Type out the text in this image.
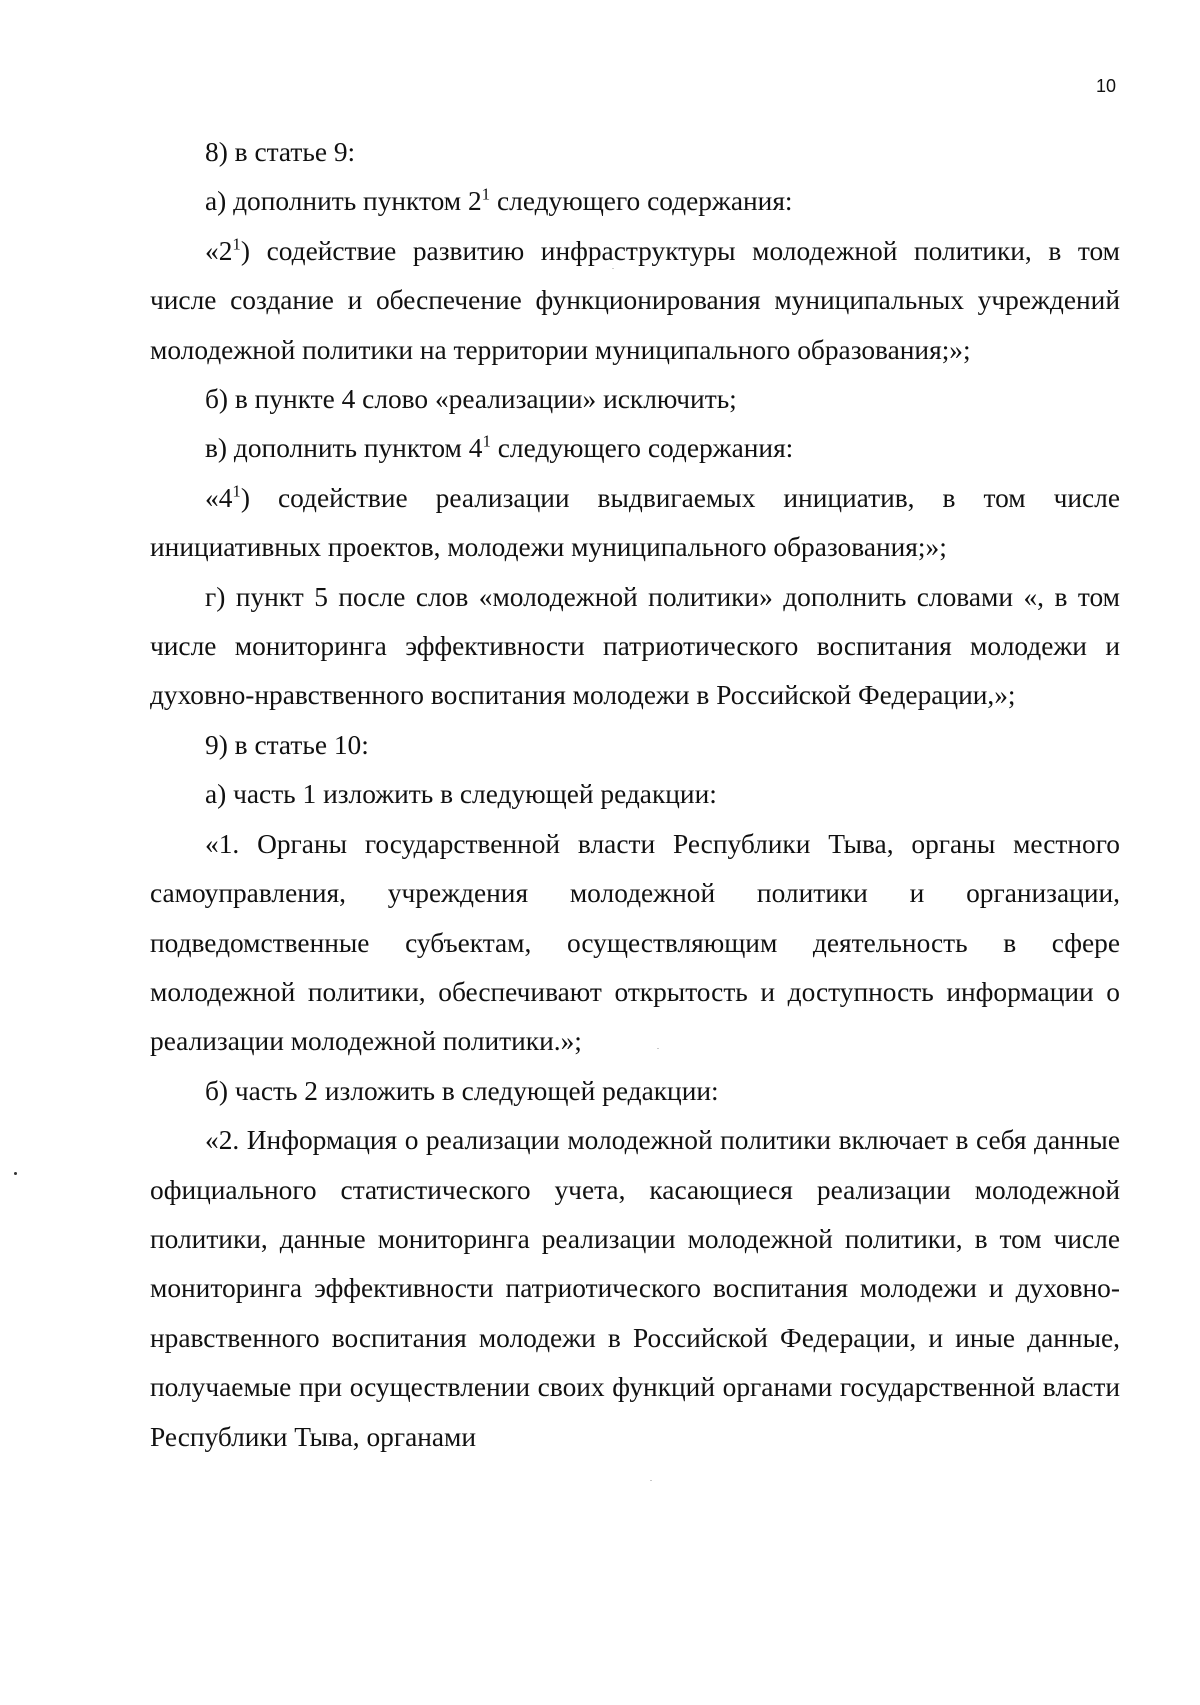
10

8) в статье 9:

а) дополнить пунктом $2^1$ следующего содержания:

«$2^1$) содействие развитию инфраструктуры молодежной политики, в том числе создание и обеспечение функционирования муниципальных учреждений молодежной политики на территории муниципального образования;»;

б) в пункте 4 слово «реализации» исключить;

в) дополнить пунктом $4^1$ следующего содержания:

«$4^1$) содействие реализации выдвигаемых инициатив, в том числе инициативных проектов, молодежи муниципального образования;»;

г) пункт 5 после слов «молодежной политики» дополнить словами «, в том числе мониторинга эффективности патриотического воспитания молодежи и духовно-нравственного воспитания молодежи в Российской Федерации,»;

9) в статье 10:

а) часть 1 изложить в следующей редакции:

«1. Органы государственной власти Республики Тыва, органы местного самоуправления, учреждения молодежной политики и организации, подведомственные субъектам, осуществляющим деятельность в сфере молодежной политики, обеспечивают открытость и доступность информации о реализации молодежной политики.»;

б) часть 2 изложить в следующей редакции:

«2. Информация о реализации молодежной политики включает в себя данные официального статистического учета, касающиеся реализации молодежной политики, данные мониторинга реализации молодежной политики, в том числе мониторинга эффективности патриотического воспитания молодежи и духовно-нравственного воспитания молодежи в Российской Федерации, и иные данные, получаемые при осуществлении своих функций органами государственной власти Республики Тыва, органами
